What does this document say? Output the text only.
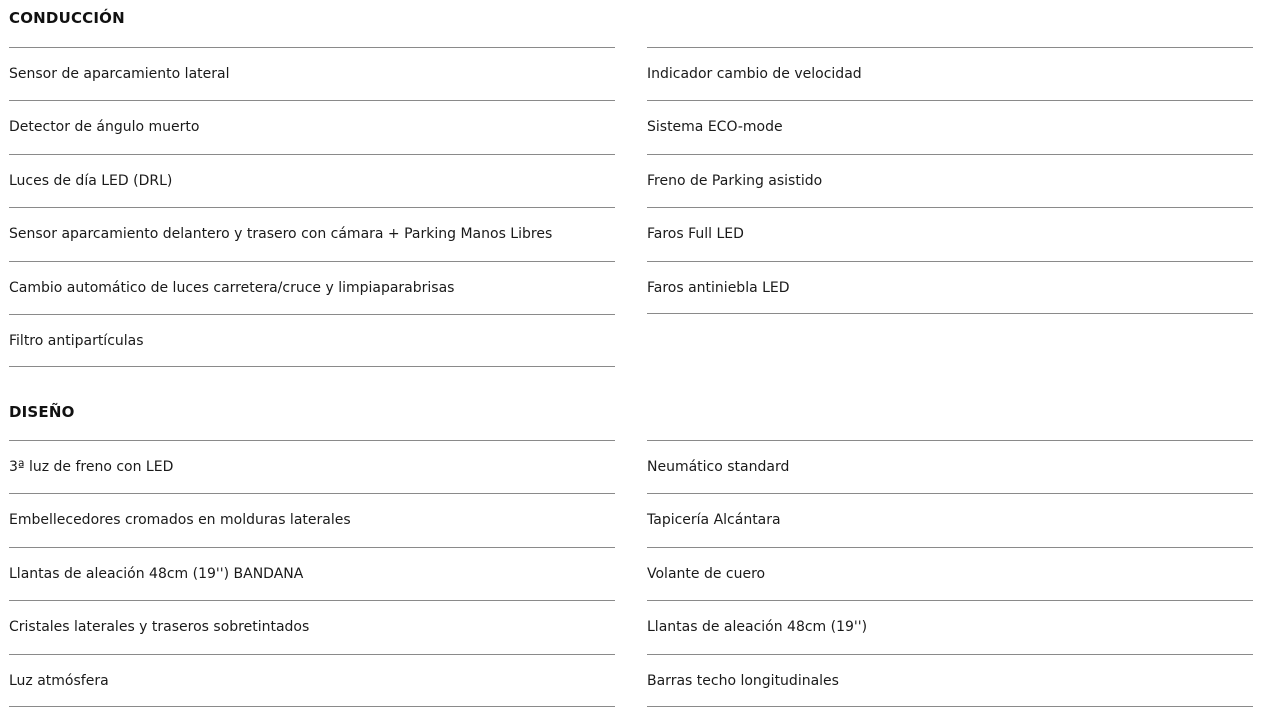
CONDUCCIÓN
Sensor de aparcamiento lateral
Detector de ángulo muerto
Luces de día LED (DRL)
Sensor aparcamiento delantero y trasero con cámara + Parking Manos Libres
Cambio automático de luces carretera/cruce y limpiaparabrisas
Filtro antipartículas
Indicador cambio de velocidad
Sistema ECO-mode
Freno de Parking asistido
Faros Full LED
Faros antiniebla LED
DISEÑO
3ª luz de freno con LED
Embellecedores cromados en molduras laterales
Llantas de aleación 48cm (19'') BANDANA
Cristales laterales y traseros sobretintados
Luz atmósfera
Neumático standard
Tapicería Alcántara
Volante de cuero
Llantas de aleación 48cm (19'')
Barras techo longitudinales
